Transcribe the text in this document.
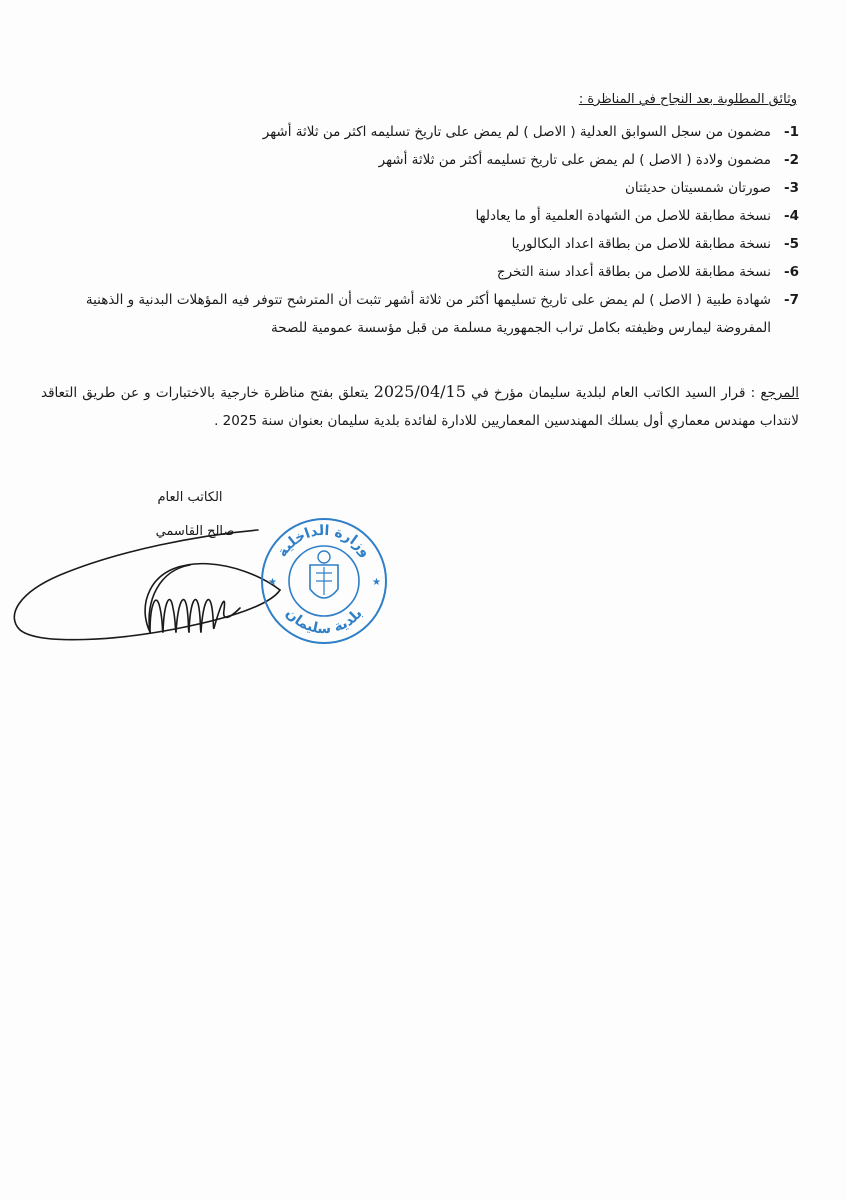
وثائق المطلوبة بعد النجاح في المناظرة :
1 -
مضمون من سجل السوابق العدلية ( الاصل ) لم يمض على تاريخ تسليمه اكثر من ثلاثة أشهر
2 -
مضمون ولادة ( الاصل ) لم يمض على تاريخ تسليمه أكثر من ثلاثة أشهر
3 -
صورتان شمسيتان حديثتان
4 -
نسخة مطابقة للاصل من الشهادة العلمية أو ما يعادلها
5 -
نسخة مطابقة للاصل من بطاقة اعداد البكالوريا
6 -
نسخة مطابقة للاصل من بطاقة أعداد سنة التخرج
7 -
شهادة طبية ( الاصل ) لم يمض على تاريخ تسليمها أكثر من ثلاثة أشهر تثبت أن المترشح تتوفر فيه المؤهلات البدنية و الذهنية المفروضة ليمارس وظيفته بكامل تراب الجمهورية مسلمة من قبل مؤسسة عمومية للصحة
المرجع : قرار السيد الكاتب العام لبلدية سليمان مؤرخ في 2025/04/15 يتعلق بفتح مناظرة خارجية بالاختبارات و عن طريق التعاقد لانتداب مهندس معماري أول بسلك المهندسين المعماريين للادارة لفائدة بلدية سليمان بعنوان سنة 2025 .
الكاتب العام
صالح القاسمي
وزارة الداخلية
بلدية سليمان
★	★
